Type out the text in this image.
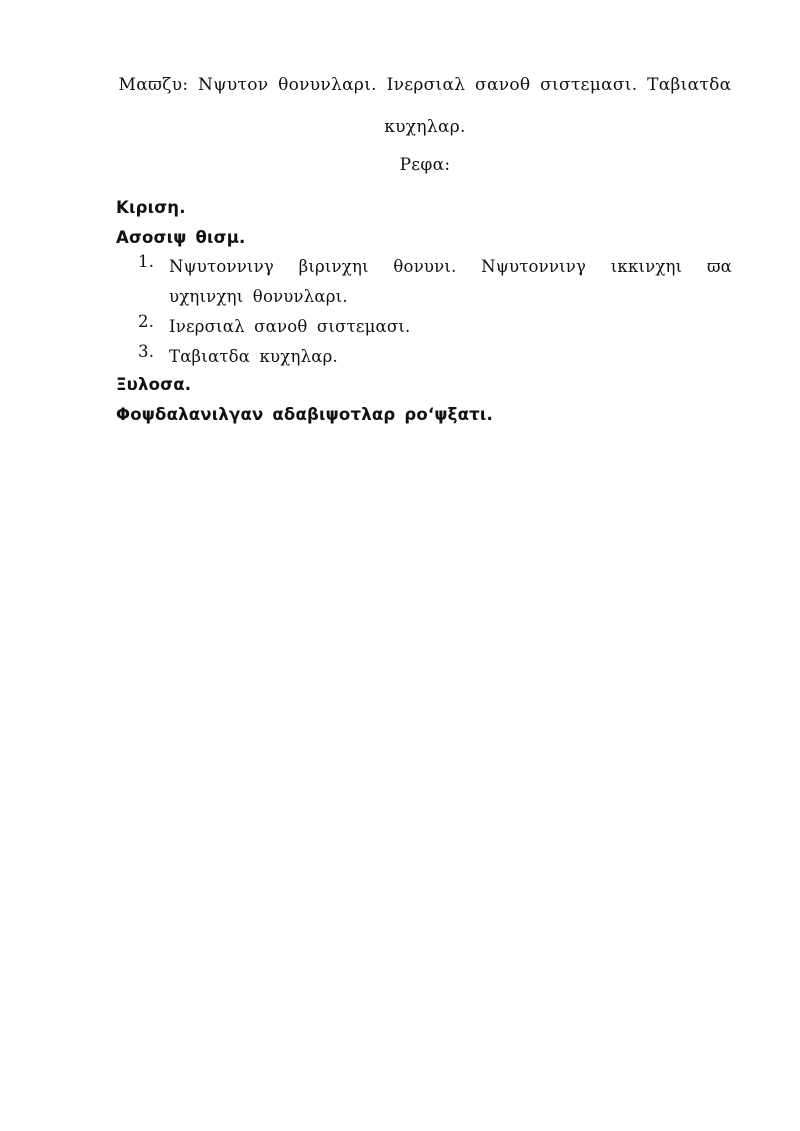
Μαϖζυ: Νψυτον θονυνλαρι. Ινερσιαλ σανοθ σιστεμασι. Ταβιατδα
κυχηλαρ.
Ρεφα:
Κιριση.
Ασοσιψ θισμ.
1. Νψυτοννινγ βιρινχηι θονυνι. Νψυτοννινγ ικκινχηι ϖα υχηινχηι θονυνλαρι.
2. Ινερσιαλ σανοθ σιστεμασι.
3. Ταβιατδα κυχηλαρ.
Ξυλοσα.
Φοψδαλανιλγαν αδαβιψοτλαρ ρο‘ψξατι.
